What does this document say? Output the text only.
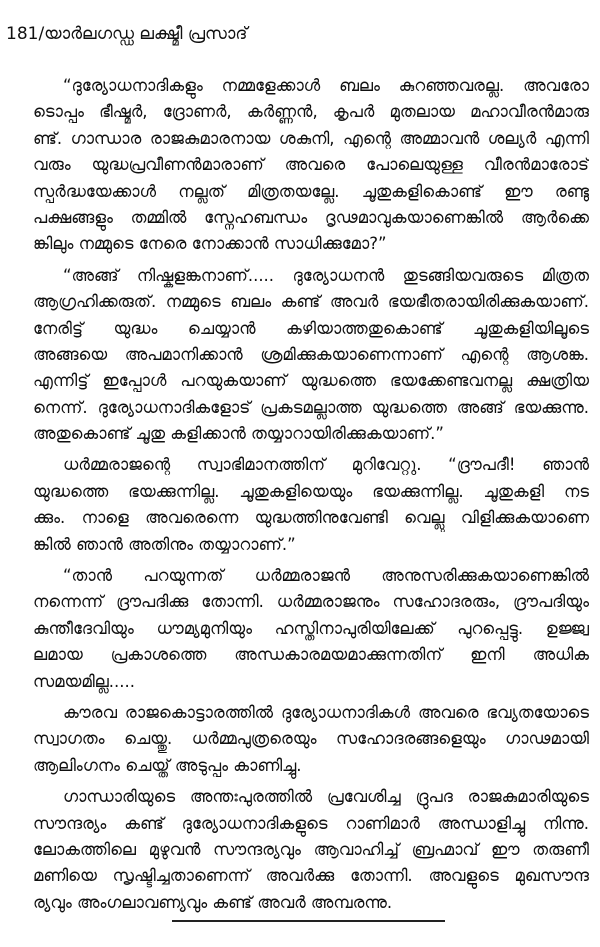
181/യാർലഗഡ്ഡ ലക്ഷ്മീ പ്രസാദ്
“ദുര്യോധനാദികളും നമ്മളേക്കാൾ ബലം കുറഞ്ഞവരല്ല. അവരോ
ടൊപ്പം ഭീഷ്മർ, ദ്രോണർ, കർണ്ണൻ, കൃപർ മുതലായ മഹാവീരൻമാരു
ണ്ട്. ഗാന്ധാര രാജകുമാരനായ ശകുനി, എന്റെ അമ്മാവൻ ശല്യർ എന്നി
വരും യുദ്ധപ്രവീണൻമാരാണ് അവരെ പോലെയുള്ള വീരൻമാരോട്
സ്പർദ്ധയേക്കാൾ നല്ലത് മിത്രതയല്ലേ. ചൂതുകളികൊണ്ട് ഈ രണ്ടു
പക്ഷങ്ങളും തമ്മിൽ സ്നേഹബന്ധം ദൃഢമാവുകയാണെങ്കിൽ ആർക്കെ
ങ്കിലും നമ്മുടെ നേരെ നോക്കാൻ സാധിക്കുമോ?”
“അങ്ങ് നിഷ്കളങ്കനാണ്..... ദുര്യോധനൻ തുടങ്ങിയവരുടെ മിത്രത
ആഗ്രഹിക്കരുത്. നമ്മുടെ ബലം കണ്ട് അവർ ഭയഭീതരായിരിക്കുകയാണ്.
നേരിട്ട് യുദ്ധം ചെയ്യാൻ കഴിയാത്തതുകൊണ്ട് ചൂതുകളിയിലൂടെ
അങ്ങയെ അപമാനിക്കാൻ ശ്രമിക്കുകയാണെന്നാണ് എന്റെ ആശങ്ക.
എന്നിട്ട് ഇപ്പോൾ പറയുകയാണ് യുദ്ധത്തെ ഭയക്കേണ്ടവനല്ല ക്ഷത്രിയ
നെന്ന്. ദുര്യോധനാദികളോട് പ്രകടമല്ലാത്ത യുദ്ധത്തെ അങ്ങ് ഭയക്കുന്നു.
അതുകൊണ്ട് ചൂതു കളിക്കാൻ തയ്യാറായിരിക്കുകയാണ്.”
ധർമ്മരാജന്റെ സ്വാഭിമാനത്തിന് മുറിവേറ്റു. “ദ്രൗപദീ! ഞാൻ
യുദ്ധത്തെ ഭയക്കുന്നില്ല. ചൂതുകളിയെയും ഭയക്കുന്നില്ല. ചൂതുകളി നട
ക്കും. നാളെ അവരെന്നെ യുദ്ധത്തിനുവേണ്ടി വെല്ലു വിളിക്കുകയാണെ
ങ്കിൽ ഞാൻ അതിനും തയ്യാറാണ്.”
“താൻ പറയുന്നത് ധർമ്മരാജൻ അനുസരിക്കുകയാണെങ്കിൽ
നന്നെന്ന് ദ്രൗപദിക്കു തോന്നി. ധർമ്മരാജനും സഹോദരരും, ദ്രൗപദിയും
കുന്തീദേവിയും ധൗമ്യമുനിയും ഹസ്തിനാപുരിയിലേക്ക് പുറപ്പെട്ടു. ഉജ്ജ്വ
ലമായ പ്രകാശത്തെ അന്ധകാരമയമാക്കുന്നതിന് ഇനി അധിക
സമയമില്ല.....
കൗരവ രാജകൊട്ടാരത്തിൽ ദുര്യോധനാദികൾ അവരെ ഭവ്യതയോടെ
സ്വാഗതം ചെയ്തു. ധർമ്മപുത്രരെയും സഹോദരങ്ങളെയും ഗാഢമായി
ആലിംഗനം ചെയ്ത് അടുപ്പം കാണിച്ചു.
ഗാന്ധാരിയുടെ അന്തഃപുരത്തിൽ പ്രവേശിച്ച ദ്രുപദ രാജകുമാരിയുടെ
സൗന്ദര്യം കണ്ട് ദുര്യോധനാദികളുടെ റാണിമാർ അന്ധാളിച്ചു നിന്നു.
ലോകത്തിലെ മുഴുവൻ സൗന്ദര്യവും ആവാഹിച്ച് ബ്രഹ്മാവ് ഈ തരുണീ
മണിയെ സൃഷ്ടിച്ചതാണെന്ന് അവർക്കു തോന്നി. അവളുടെ മുഖസൗന്ദ
ര്യവും അംഗലാവണ്യവും കണ്ട് അവർ അമ്പരന്നു.
